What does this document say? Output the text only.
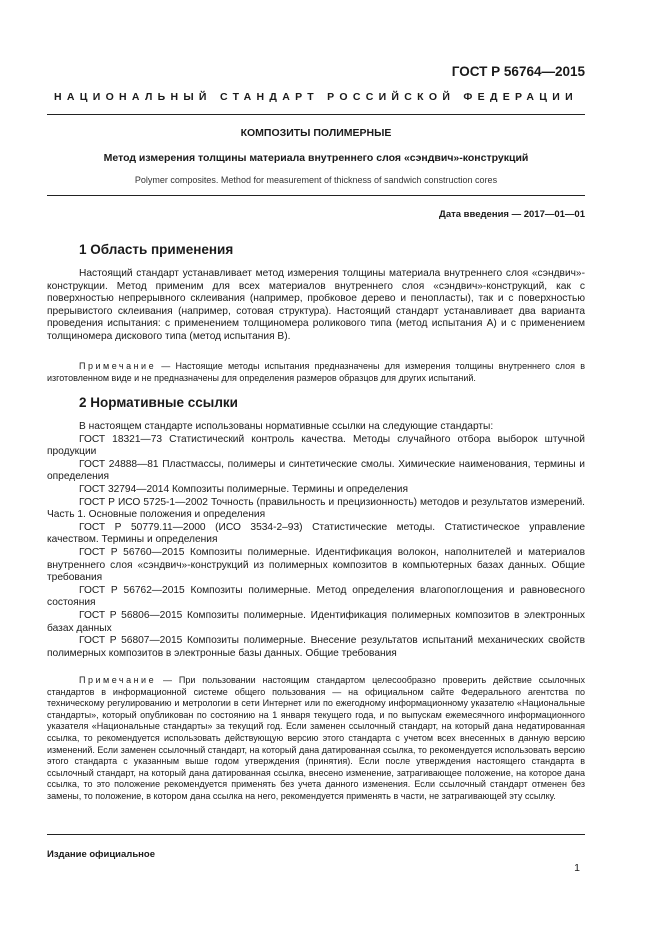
ГОСТ Р 56764—2015
НАЦИОНАЛЬНЫЙ СТАНДАРТ РОССИЙСКОЙ ФЕДЕРАЦИИ
КОМПОЗИТЫ ПОЛИМЕРНЫЕ
Метод измерения толщины материала внутреннего слоя «сэндвич»-конструкций
Polymer composites. Method for measurement of thickness of sandwich construction cores
Дата введения — 2017—01—01
1 Область применения

Настоящий стандарт устанавливает метод измерения толщины материала внутреннего слоя «сэндвич»-конструкции. Метод применим для всех материалов внутреннего слоя «сэндвич»-конструкций, как с поверхностью непрерывного склеивания (например, пробковое дерево и пенопласты), так и с поверхностью прерывистого склеивания (например, сотовая структура). Настоящий стандарт устанавливает два варианта проведения испытания: с применением толщиномера роликового типа (метод испытания А) и с применением толщиномера дискового типа (метод испытания В).

Примечание — Настоящие методы испытания предназначены для измерения толщины внутреннего слоя в изготовленном виде и не предназначены для определения размеров образцов для других испытаний.

2 Нормативные ссылки

В настоящем стандарте использованы нормативные ссылки на следующие стандарты:

ГОСТ 18321—73 Статистический контроль качества. Методы случайного отбора выборок штучной продукции

ГОСТ 24888—81 Пластмассы, полимеры и синтетические смолы. Химические наименования, термины и определения

ГОСТ 32794—2014 Композиты полимерные. Термины и определения

ГОСТ Р ИСО 5725-1—2002 Точность (правильность и прецизионность) методов и результатов измерений. Часть 1. Основные положения и определения

ГОСТ Р 50779.11—2000 (ИСО 3534-2–93) Статистические методы. Статистическое управление качеством. Термины и определения

ГОСТ Р 56760—2015 Композиты полимерные. Идентификация волокон, наполнителей и материалов внутреннего слоя «сэндвич»-конструкций из полимерных композитов в компьютерных базах данных. Общие требования

ГОСТ Р 56762—2015 Композиты полимерные. Метод определения влагопоглощения и равновесного состояния

ГОСТ Р 56806—2015 Композиты полимерные. Идентификация полимерных композитов в электронных базах данных

ГОСТ Р 56807—2015 Композиты полимерные. Внесение результатов испытаний механических свойств полимерных композитов в электронные базы данных. Общие требования

Примечание — При пользовании настоящим стандартом целесообразно проверить действие ссылочных стандартов в информационной системе общего пользования — на официальном сайте Федерального агентства по техническому регулированию и метрологии в сети Интернет или по ежегодному информационному указателю «Национальные стандарты», который опубликован по состоянию на 1 января текущего года, и по выпускам ежемесячного информационного указателя «Национальные стандарты» за текущий год. Если заменен ссылочный стандарт, на который дана недатированная ссылка, то рекомендуется использовать действующую версию этого стандарта с учетом всех внесенных в данную версию изменений. Если заменен ссылочный стандарт, на который дана датированная ссылка, то рекомендуется использовать версию этого стандарта с указанным выше годом утверждения (принятия). Если после утверждения настоящего стандарта в ссылочный стандарт, на который дана датированная ссылка, внесено изменение, затрагивающее положение, на которое дана ссылка, то это положение рекомендуется применять без учета данного изменения. Если ссылочный стандарт отменен без замены, то положение, в котором дана ссылка на него, рекомендуется применять в части, не затрагивающей эту ссылку.

Издание официальное
1
